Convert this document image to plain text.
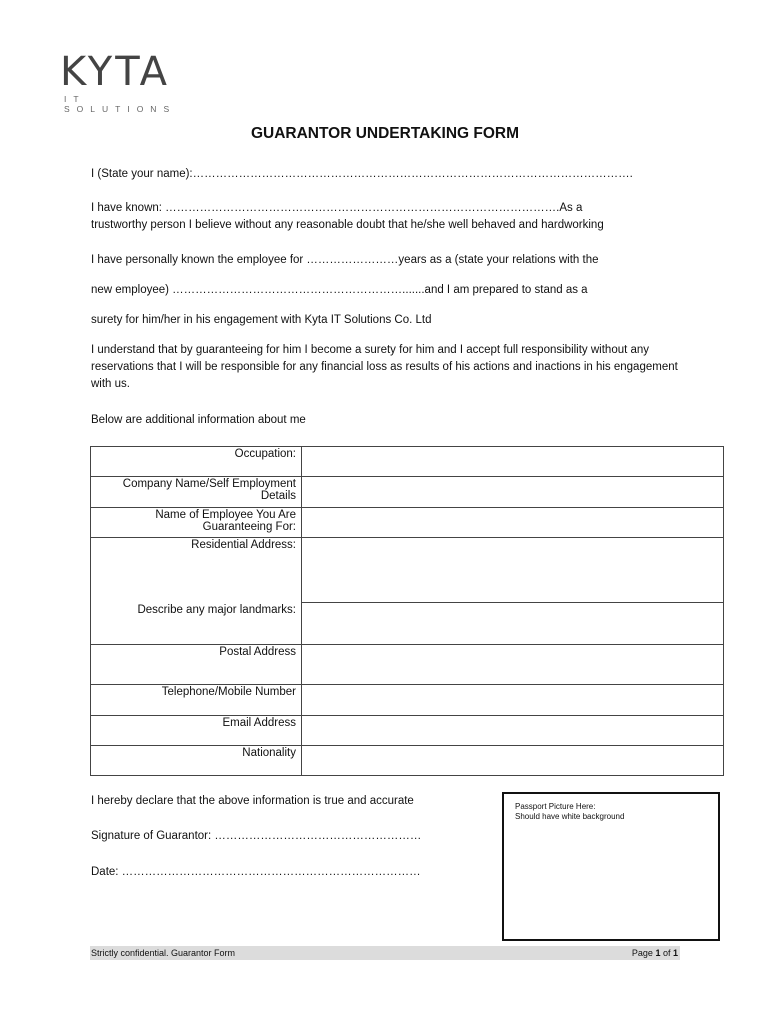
KYTA
IT SOLUTIONS
GUARANTOR UNDERTAKING FORM
I (State your name):…………………………………………………………………………………………………….
I have known: ………………………………………………………………………………………….As a
trustworthy person I believe without any reasonable doubt that he/she well behaved and hardworking
I have personally known the employee for ……………………years as a (state your relations with the
new employee) …………………………………………………….......and I am prepared to stand as a
surety for him/her in his engagement with Kyta IT Solutions Co. Ltd
I understand that by guaranteeing for him I become a surety for him and I accept full responsibility without any reservations that I will be responsible for any financial loss as results of his actions and inactions in his engagement with us.
Below are additional information about me
Occupation:	
Company Name/Self Employment Details	
Name of Employee You Are Guaranteeing For:	

Residential Address:
Describe any major landmarks:	

Postal Address	
Telephone/Mobile Number	
Email Address	
Nationality	
I hereby declare that the above information is true and accurate
Signature of Guarantor: ………………………………………………
Date: ……………………………………………………………………
Passport Picture Here:
Should have white background
Strictly confidential. Guarantor Form	Page 1 of 1
